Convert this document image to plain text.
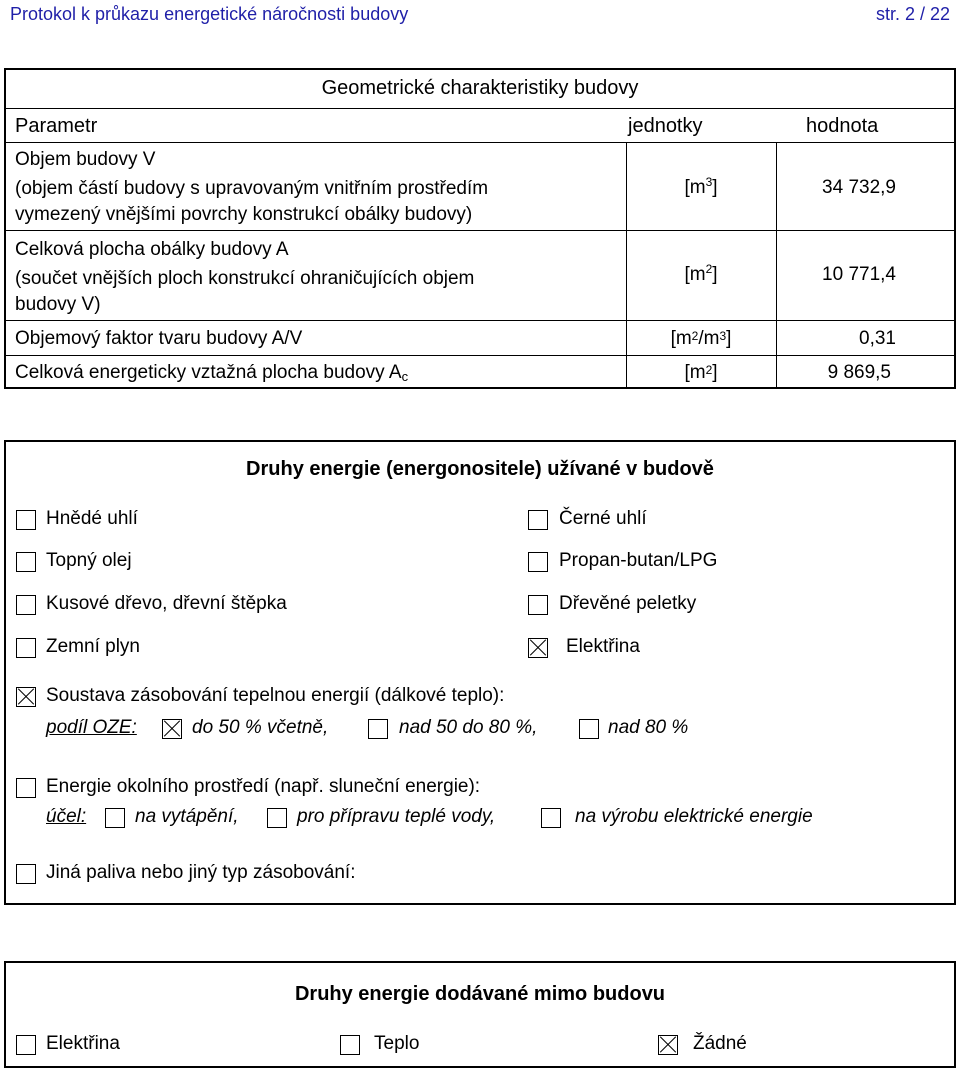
Protokol k průkazu energetické náročnosti budovy	str. 2 / 22
Geometrické charakteristiky budovy
Parametr	jednotky	hodnota
Objem budovy V
(objem částí budovy s upravovaným vnitřním prostředím
vymezený vnějšími povrchy konstrukcí obálky budovy)
$[m^3]$	34 732,9
Celková plocha obálky budovy A
(součet vnějších ploch konstrukcí ohraničujících objem
budovy V)
$[m^2]$	10 771,4
Objemový faktor tvaru budovy A/V	$[m^2/m^3]$	0,31
Celková energeticky vztažná plocha budovy $A_c$	$[m^2]$	9 869,5
Druhy energie (energonositele) užívané v budově
Hnědé uhlí
Topný olej
Kusové dřevo, dřevní štěpka
Zemní plyn
Černé uhlí
Propan-butan/LPG
Dřevěné peletky
Elektřina
Soustava zásobování tepelnou energií (dálkové teplo):
podíl OZE:	do 50 % včetně,	nad 50 do 80 %,	nad 80 %
Energie okolního prostředí (např. sluneční energie):
účel:	na vytápění,	pro přípravu teplé vody,	na výrobu elektrické energie
Jiná paliva nebo jiný typ zásobování:
Druhy energie dodávané mimo budovu
Elektřina	Teplo	Žádné
